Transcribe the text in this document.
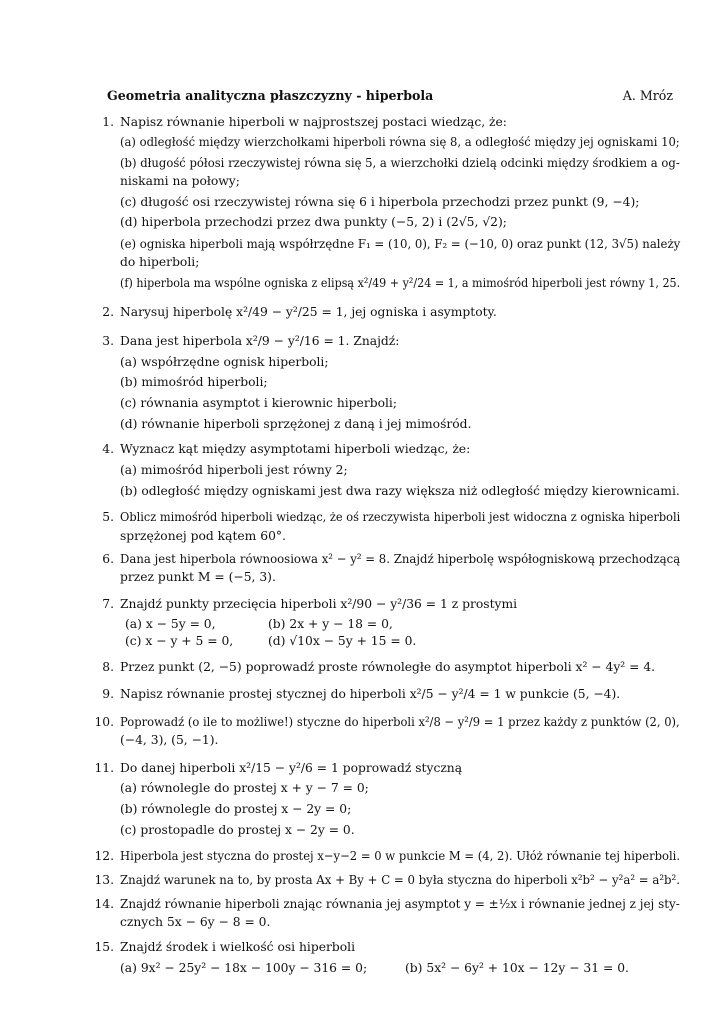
Geometria analityczna płaszczyzny - hiperbola	A. Mróz
1. Napisz równanie hiperboli w najprostszej postaci wiedząc, że:
(a) odległość między wierzchołkami hiperboli równa się 8, a odległość między jej ogniskami 10;
(b) długość półosi rzeczywistej równa się 5, a wierzchołki dzielą odcinki między środkiem a og-
niskami na połowy;
(c) długość osi rzeczywistej równa się 6 i hiperbola przechodzi przez punkt (9, −4);
(d) hiperbola przechodzi przez dwa punkty (−5, 2) i (2√5, √2);
(e) ogniska hiperboli mają współrzędne F₁ = (10, 0), F₂ = (−10, 0) oraz punkt (12, 3√5) należy
do hiperboli;
(f) hiperbola ma wspólne ogniska z elipsą x²/49 + y²/24 = 1, a mimośród hiperboli jest równy 1, 25.
2. Narysuj hiperbolę x²/49 − y²/25 = 1, jej ogniska i asymptoty.
3. Dana jest hiperbola x²/9 − y²/16 = 1. Znajdź:
(a) współrzędne ognisk hiperboli;
(b) mimośród hiperboli;
(c) równania asymptot i kierownic hiperboli;
(d) równanie hiperboli sprzężonej z daną i jej mimośród.
4. Wyznacz kąt między asymptotami hiperboli wiedząc, że:
(a) mimośród hiperboli jest równy 2;
(b) odległość między ogniskami jest dwa razy większa niż odległość między kierownicami.
5. Oblicz mimośród hiperboli wiedząc, że oś rzeczywista hiperboli jest widoczna z ogniska hiperboli
sprzężonej pod kątem 60°.
6. Dana jest hiperbola równoosiowa x² − y² = 8. Znajdź hiperbolę współogniskową przechodzącą
przez punkt M = (−5, 3).
7. Znajdź punkty przecięcia hiperboli x²/90 − y²/36 = 1 z prostymi
(a) x − 5y = 0,	(b) 2x + y − 18 = 0,
(c) x − y + 5 = 0,	(d) √10x − 5y + 15 = 0.
8. Przez punkt (2, −5) poprowadź proste równoległe do asymptot hiperboli x² − 4y² = 4.
9. Napisz równanie prostej stycznej do hiperboli x²/5 − y²/4 = 1 w punkcie (5, −4).
10. Poprowadź (o ile to możliwe!) styczne do hiperboli x²/8 − y²/9 = 1 przez każdy z punktów (2, 0),
(−4, 3), (5, −1).
11. Do danej hiperboli x²/15 − y²/6 = 1 poprowadź styczną
(a) równolegle do prostej x + y − 7 = 0;
(b) równolegle do prostej x − 2y = 0;
(c) prostopadle do prostej x − 2y = 0.
12. Hiperbola jest styczna do prostej x−y−2 = 0 w punkcie M = (4, 2). Ułóż równanie tej hiperboli.
13. Znajdź warunek na to, by prosta Ax + By + C = 0 była styczna do hiperboli x²b² − y²a² = a²b².
14. Znajdź równanie hiperboli znając równania jej asymptot y = ±½x i równanie jednej z jej sty-
cznych 5x − 6y − 8 = 0.
15. Znajdź środek i wielkość osi hiperboli
(a) 9x² − 25y² − 18x − 100y − 316 = 0;	(b) 5x² − 6y² + 10x − 12y − 31 = 0.
